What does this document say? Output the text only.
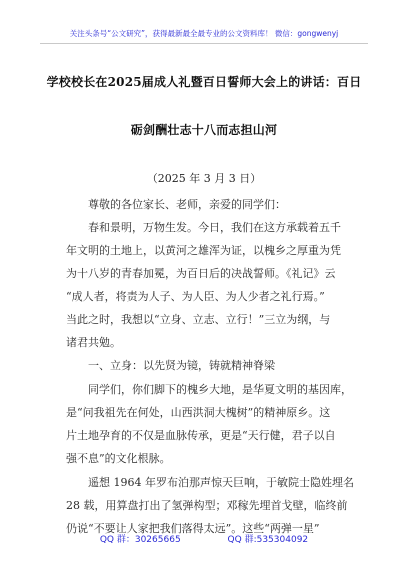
关注头条号“公文研究”，获得最新最全最专业的公文资料库！ 微信：gongwenyj
学校校长在2025届成人礼暨百日誓师大会上的讲话：百日
砺剑酬壮志十八而志担山河
（2025 年 3 月 3 日）
尊敬的各位家长、老师，亲爱的同学们：
春和景明，万物生发。今日，我们在这方承载着五千
年文明的土地上，以黄河之雄浑为证，以槐乡之厚重为凭
为十八岁的青春加冕，为百日后的决战誓师。《礼记》云
“成人者，将责为人子、为人臣、为人少者之礼行焉。”
当此之时，我想以“立身、立志、立行！”三立为纲，与
诸君共勉。
一、立身：以先贤为镜，铸就精神脊梁
同学们，你们脚下的槐乡大地，是华夏文明的基因库，
是“问我祖先在何处，山西洪洞大槐树”的精神原乡。这
片土地孕育的不仅是血脉传承，更是“天行健，君子以自
强不息”的文化根脉。
遥想 1964 年罗布泊那声惊天巨响，于敏院士隐姓埋名
28 载，用算盘打出了氢弹构型；邓稼先埋首戈壁，临终前
仍说“不要让人家把我们落得太远”。这些“两弹一星”
QQ 群：30265665	QQ 群:535304092
